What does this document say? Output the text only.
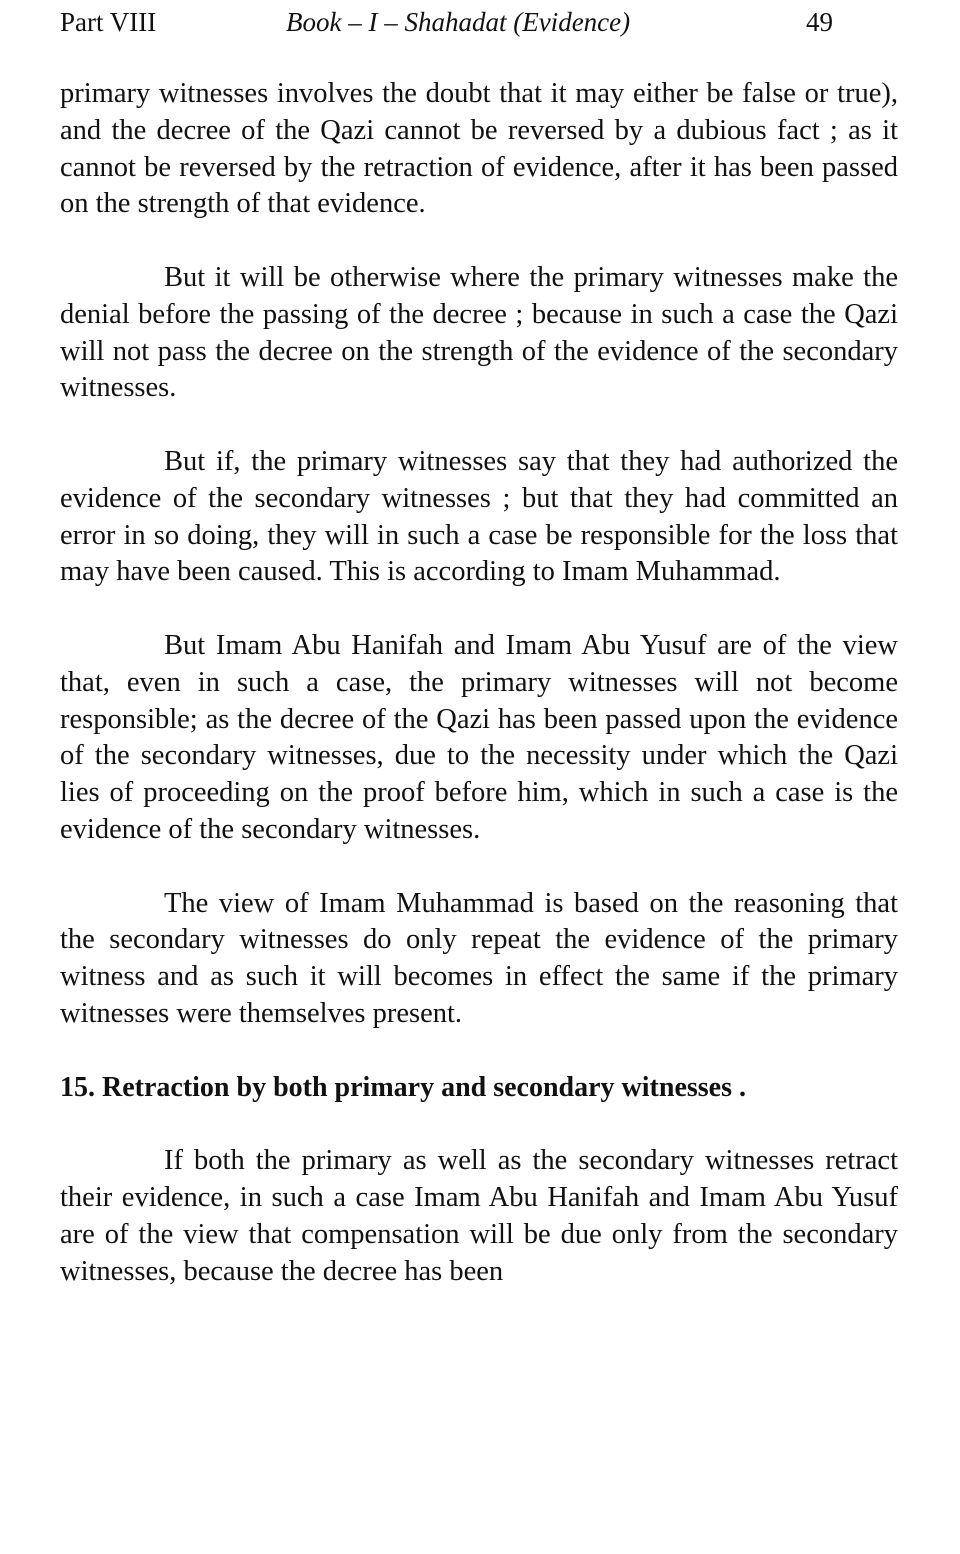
Part VIII	Book – I – Shahadat (Evidence)	49

primary witnesses involves the doubt that it may either be false or true), and the decree of the Qazi cannot be reversed by a dubious fact ; as it cannot be reversed by the retraction of evidence, after it has been passed on the strength of that evidence.

But it will be otherwise where the primary witnesses make the denial before the passing of the decree ; because in such a case the Qazi will not pass the decree on the strength of the evidence of the secondary witnesses.

But if, the primary witnesses say that they had authorized the evidence of the secondary witnesses ; but that they had committed an error in so doing, they will in such a case be responsible for the loss that may have been caused. This is according to Imam Muhammad.

But Imam Abu Hanifah and Imam Abu Yusuf are of the view that, even in such a case, the primary witnesses will not become responsible; as the decree of the Qazi has been passed upon the evidence of the secondary witnesses, due to the necessity under which the Qazi lies of proceeding on the proof before him, which in such a case is the evidence of the secondary witnesses.

The view of Imam Muhammad is based on the reasoning that the secondary witnesses do only repeat the evidence of the primary witness and as such it will becomes in effect the same if the primary witnesses were themselves present.

15. Retraction by both primary and secondary witnesses .

If both the primary as well as the secondary witnesses retract their evidence, in such a case Imam Abu Hanifah and Imam Abu Yusuf are of the view that compensation will be due only from the secondary witnesses, because the decree has been
